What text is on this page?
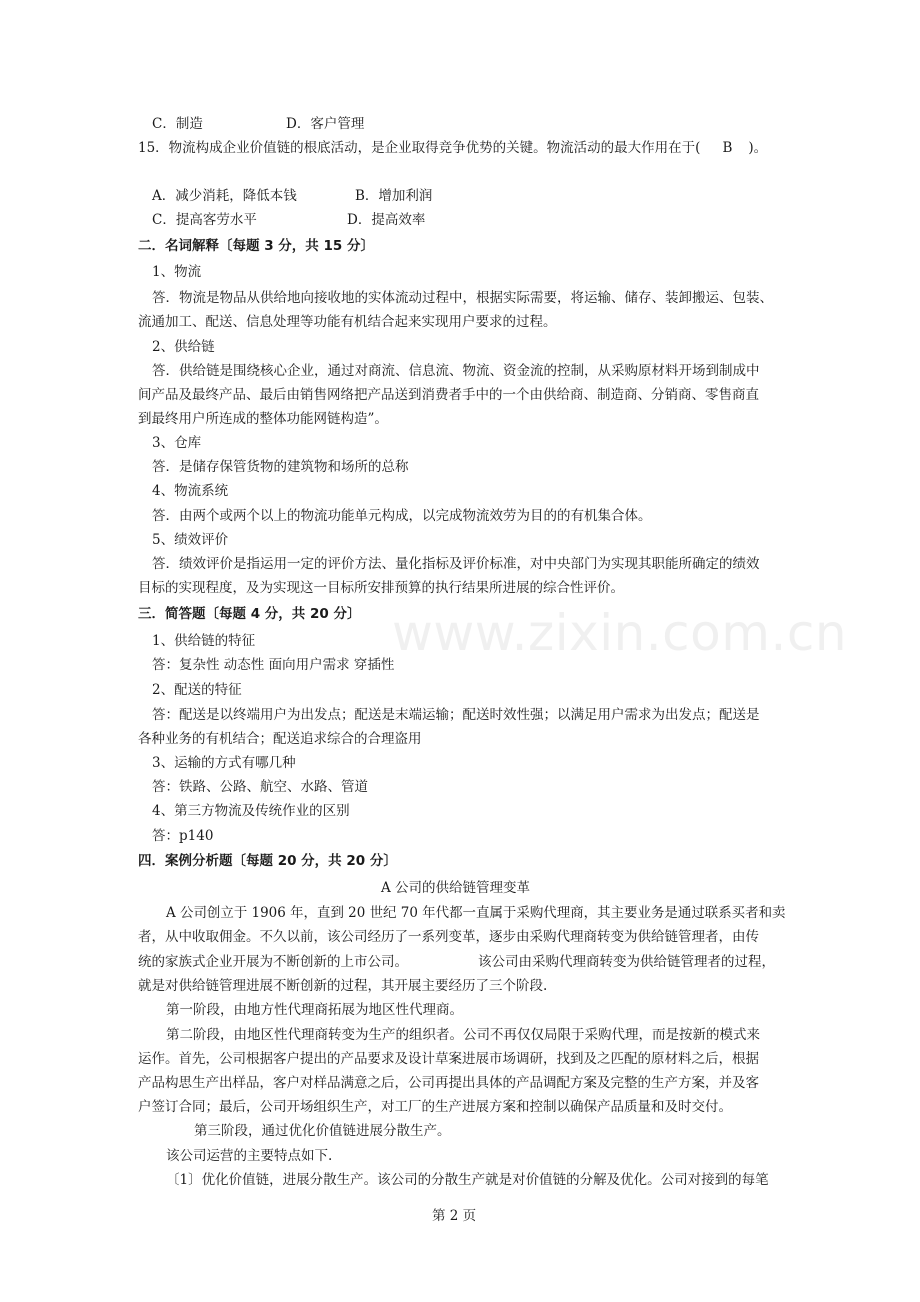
www.zixin.com.cn
C．制造	D．客户管理
15．物流构成企业价值链的根底活动，是企业取得竞争优势的关键。物流活动的最大作用在于( B )。
A．减少消耗，降低本钱	B．增加利润
C．提高客劳水平	D．提高效率
二．名词解释〔每题 3 分，共 15 分〕
1、物流
答．物流是物品从供给地向接收地的实体流动过程中，根据实际需要，将运输、储存、装卸搬运、包装、
流通加工、配送、信息处理等功能有机结合起来实现用户要求的过程。
2、供给链
答．供给链是围绕核心企业，通过对商流、信息流、物流、资金流的控制，从采购原材料开场到制成中
间产品及最终产品、最后由销售网络把产品送到消费者手中的一个由供给商、制造商、分销商、零售商直
到最终用户所连成的整体功能网链构造”。
3、仓库
答．是储存保管货物的建筑物和场所的总称
4、物流系统
答．由两个或两个以上的物流功能单元构成，以完成物流效劳为目的的有机集合体。
5、绩效评价
答．绩效评价是指运用一定的评价方法、量化指标及评价标准，对中央部门为实现其职能所确定的绩效
目标的实现程度，及为实现这一目标所安排预算的执行结果所进展的综合性评价。
三．简答题〔每题 4 分，共 20 分〕
1、供给链的特征
答：复杂性 动态性 面向用户需求 穿插性
2、配送的特征
答：配送是以终端用户为出发点；配送是末端运输；配送时效性强；以满足用户需求为出发点；配送是
各种业务的有机结合；配送追求综合的合理盗用
3、运输的方式有哪几种
答：铁路、公路、航空、水路、管道
4、第三方物流及传统作业的区别
答：p140
四．案例分析题〔每题 20 分，共 20 分〕
A 公司的供给链管理变革
A 公司创立于 1906 年，直到 20 世纪 70 年代都一直属于采购代理商，其主要业务是通过联系买者和卖
者，从中收取佣金。不久以前，该公司经历了一系列变革，逐步由采购代理商转变为供给链管理者，由传
统的家族式企业开展为不断创新的上市公司。	该公司由采购代理商转变为供给链管理者的过程，
就是对供给链管理进展不断创新的过程，其开展主要经历了三个阶段.
第一阶段，由地方性代理商拓展为地区性代理商。
第二阶段，由地区性代理商转变为生产的组织者。公司不再仅仅局限于采购代理，而是按新的模式来
运作。首先，公司根据客户提出的产品要求及设计草案进展市场调研，找到及之匹配的原材料之后，根据
产品构思生产出样品，客户对样品满意之后，公司再提出具体的产品调配方案及完整的生产方案，并及客
户签订合同；最后，公司开场组织生产，对工厂的生产进展方案和控制以确保产品质量和及时交付。
第三阶段，通过优化价值链进展分散生产。
该公司运营的主要特点如下.
〔1〕优化价值链，进展分散生产。该公司的分散生产就是对价值链的分解及优化。公司对接到的每笔
第 2 页
